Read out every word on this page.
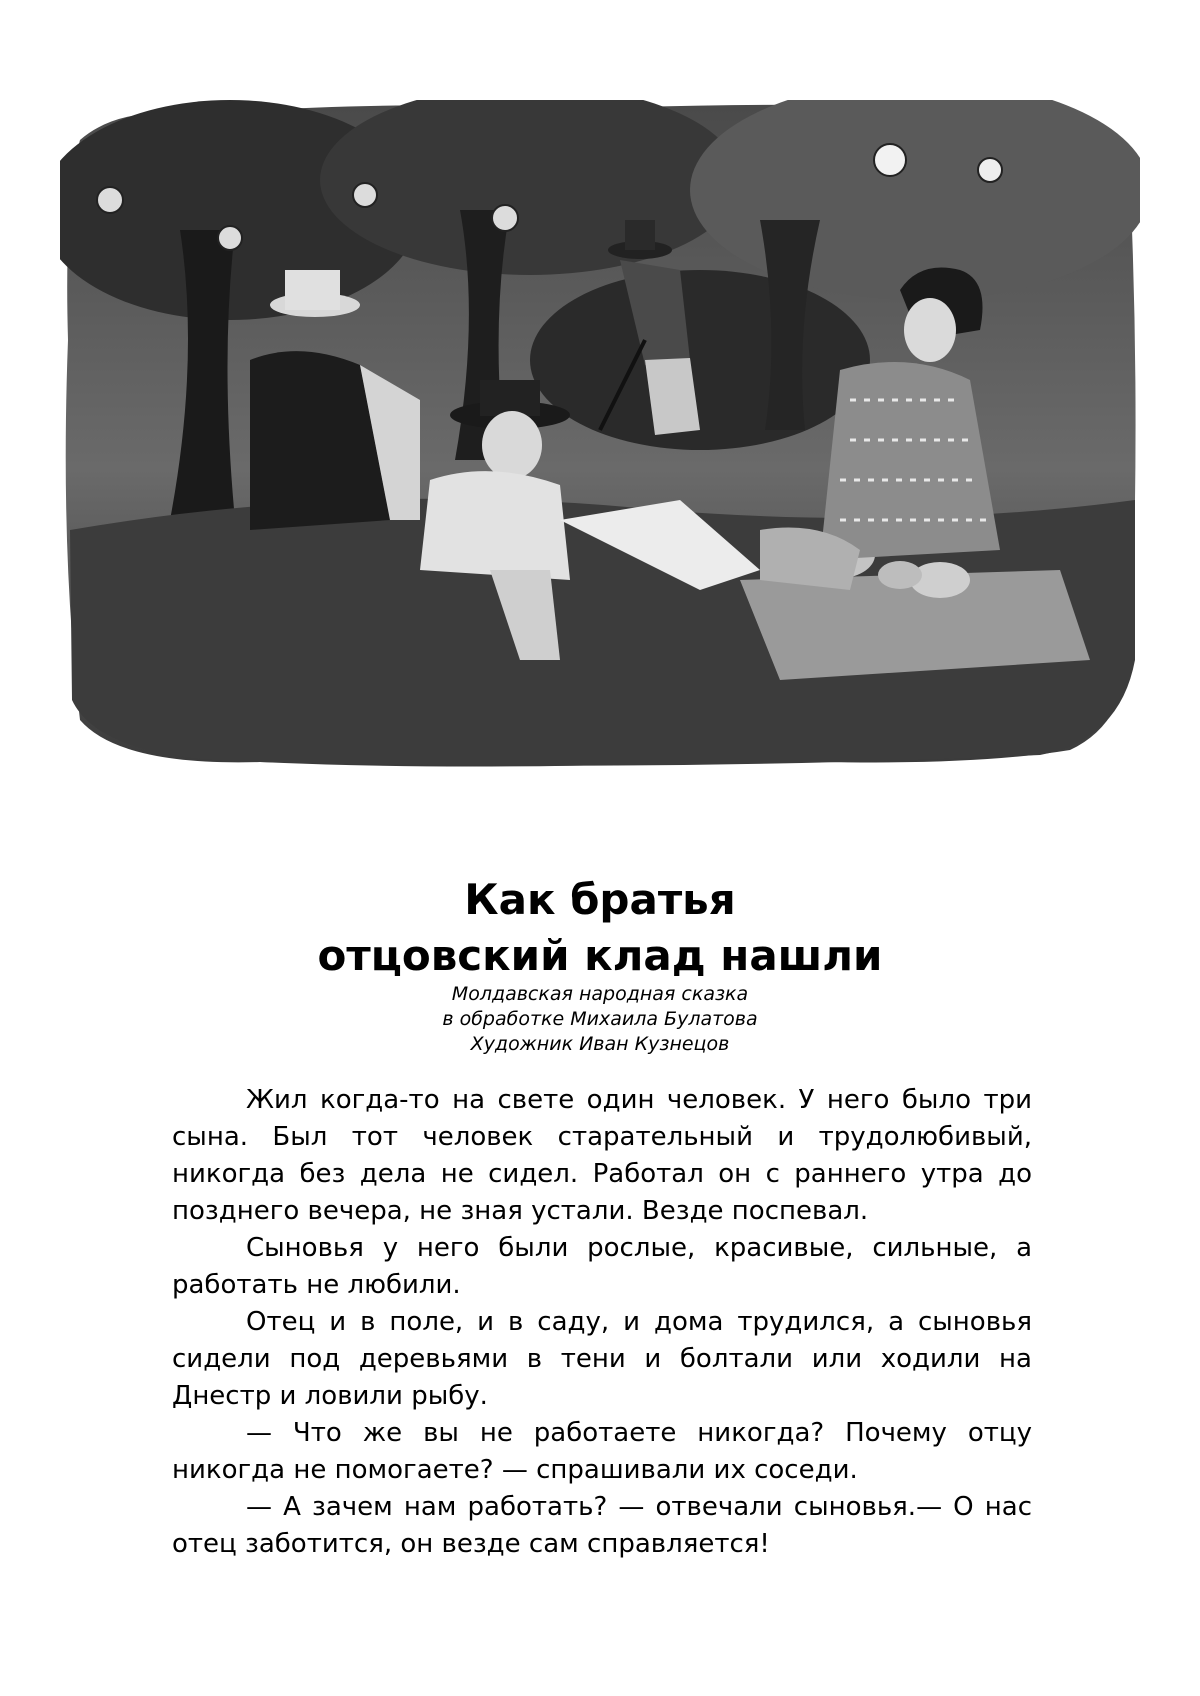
Как братья
отцовский клад нашли
Молдавская народная сказка
в обработке Михаила Булатова
Художник Иван Кузнецов

Жил когда-то на свете один человек. У него было три сына. Был тот человек старательный и трудолюбивый, никогда без дела не сидел. Работал он с раннего утра до позднего вечера, не зная устали. Везде поспевал.

Сыновья у него были рослые, красивые, сильные, а работать не любили.

Отец и в поле, и в саду, и дома трудился, а сыновья сидели под деревьями в тени и болтали или ходили на Днестр и ловили рыбу.

— Что же вы не работаете никогда? Почему отцу никогда не помогаете? — спрашивали их соседи.

— А зачем нам работать? — отвечали сыновья.— О нас отец заботится, он везде сам справляется!
